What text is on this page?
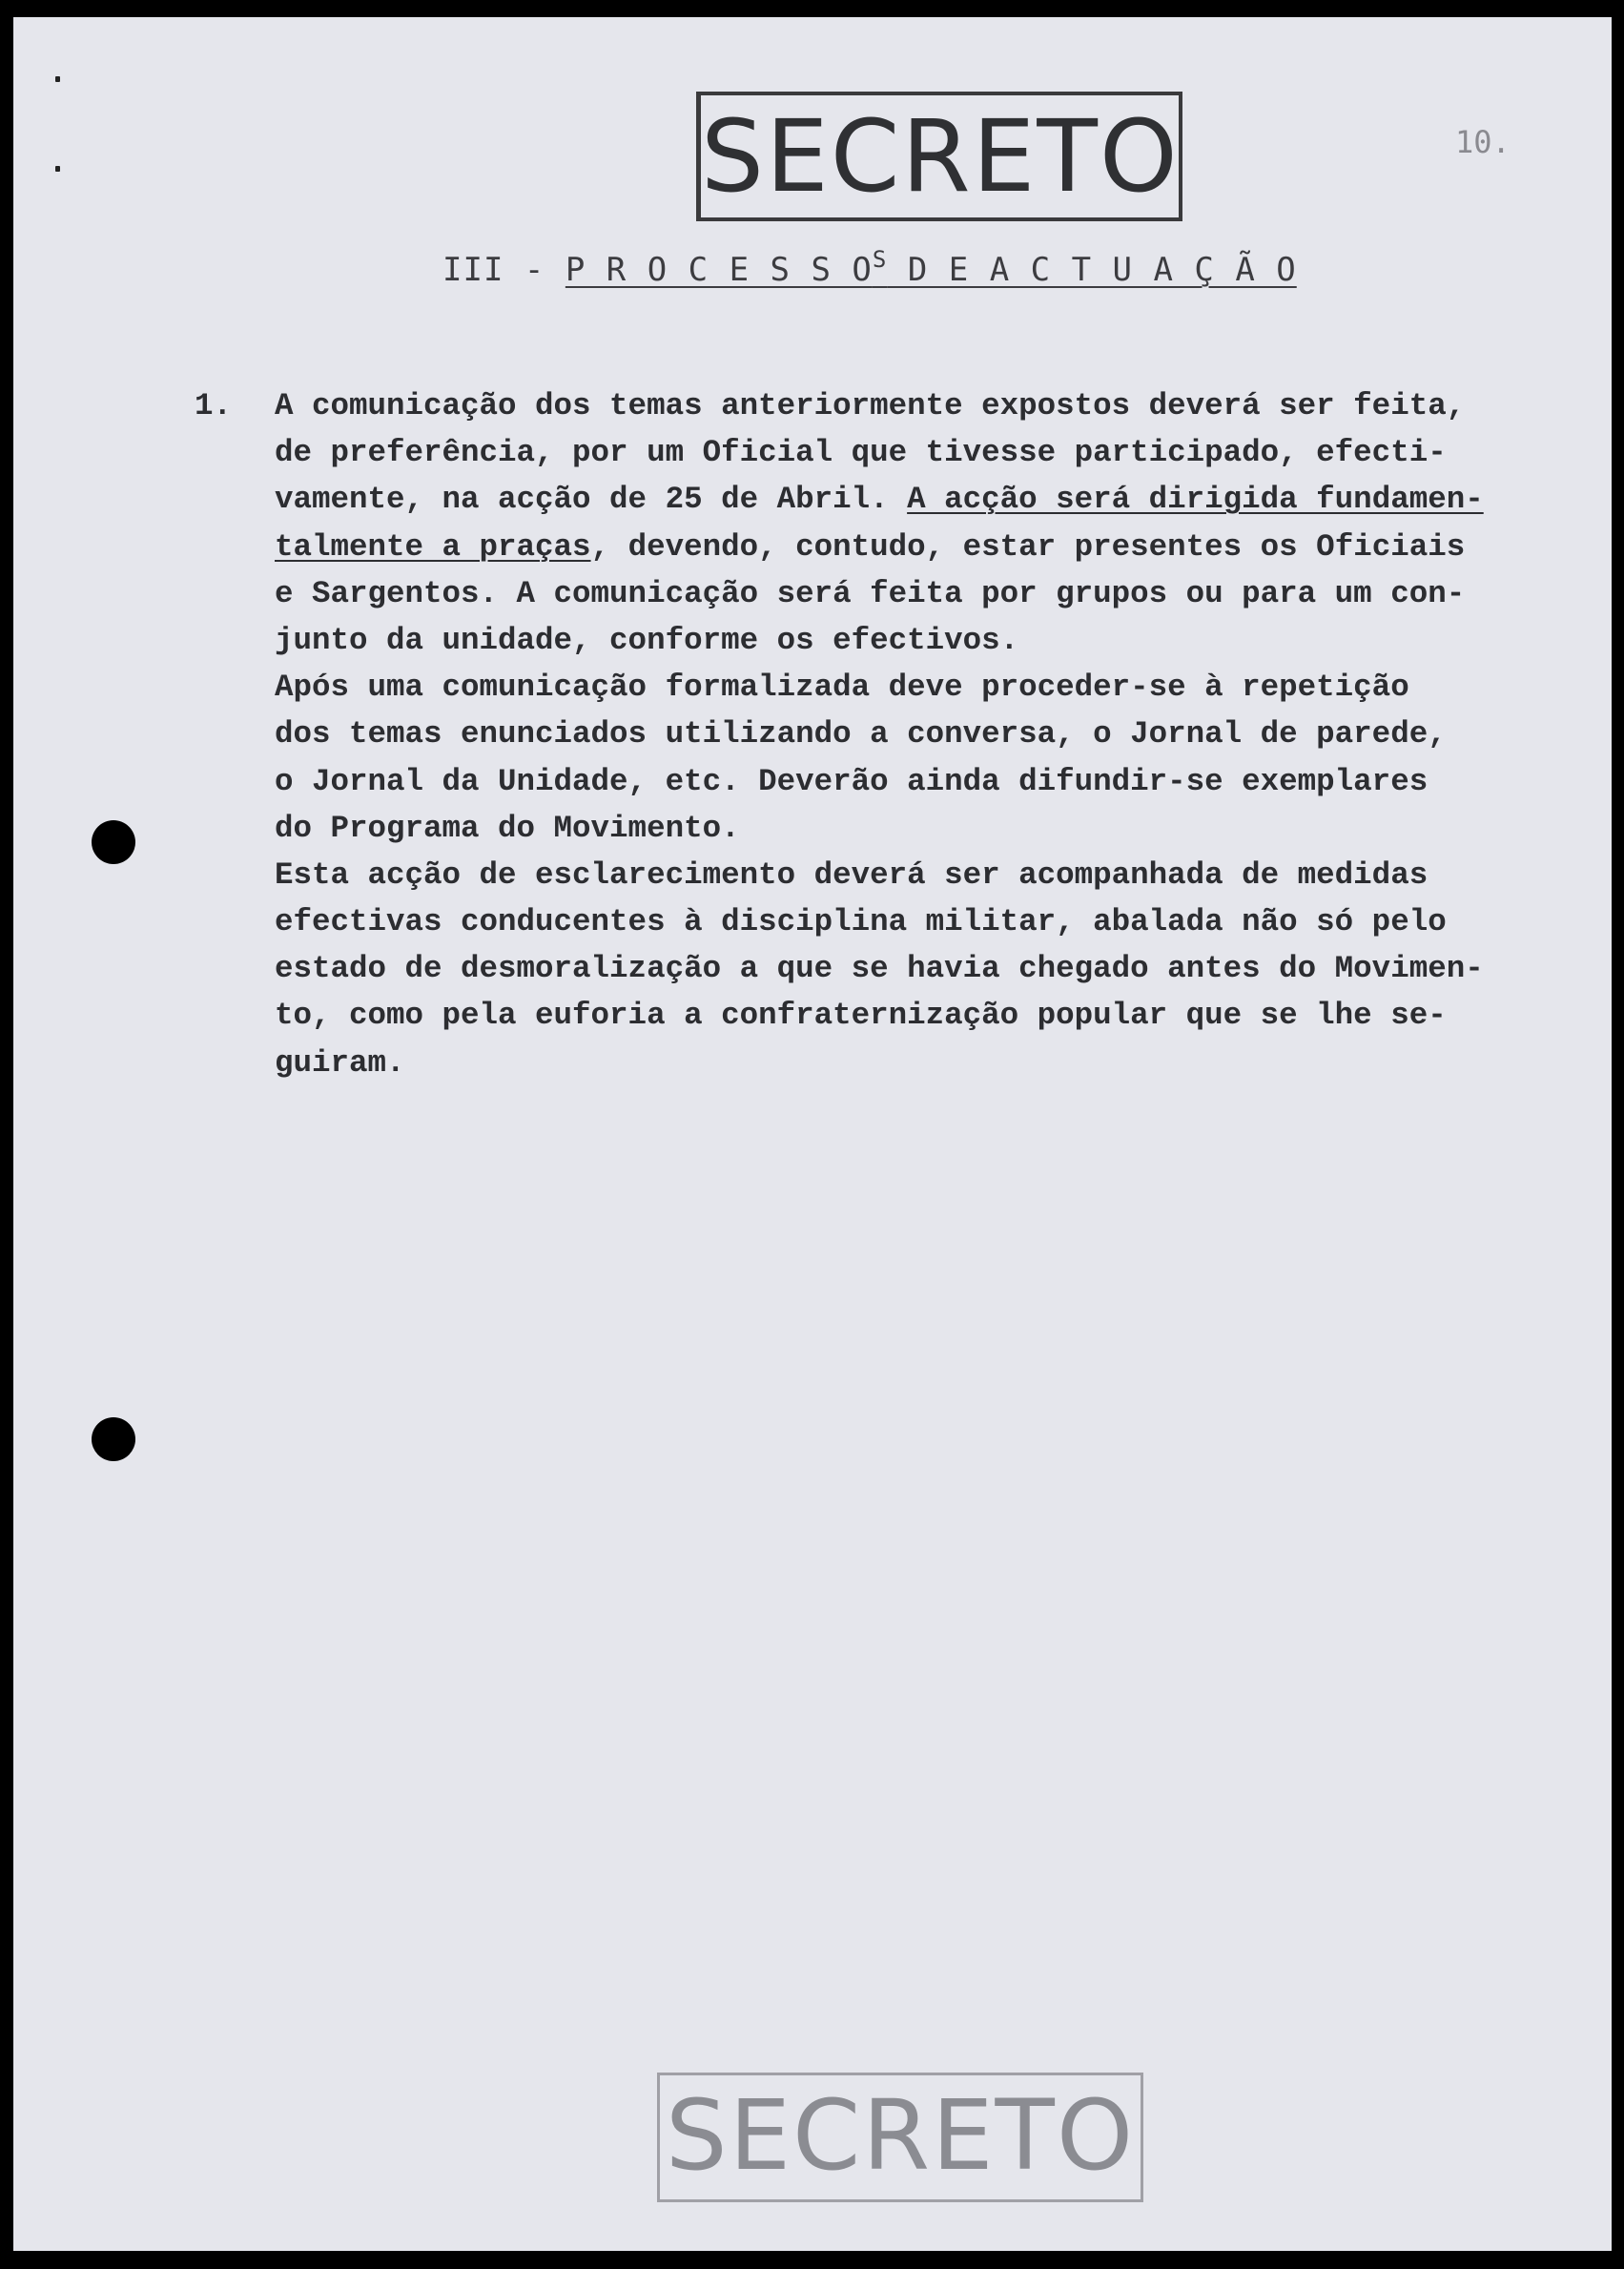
SECRETO	10.
III - P R O C E S S $O^S$ D E A C T U A Ç Ã O
1. A comunicação dos temas anteriormente expostos deverá ser feita,
de preferência, por um Oficial que tivesse participado, efecti-
vamente, na acção de 25 de Abril. A acção será dirigida fundamen-
talmente a praças, devendo, contudo, estar presentes os Oficiais
e Sargentos. A comunicação será feita por grupos ou para um con-
junto da unidade, conforme os efectivos.
Após uma comunicação formalizada deve proceder-se à repetição
dos temas enunciados utilizando a conversa, o Jornal de parede,
o Jornal da Unidade, etc. Deverão ainda difundir-se exemplares
do Programa do Movimento.
Esta acção de esclarecimento deverá ser acompanhada de medidas
efectivas conducentes à disciplina militar, abalada não só pelo
estado de desmoralização a que se havia chegado antes do Movimen-
to, como pela euforia a confraternização popular que se lhe se-
guiram.
SECRETO
